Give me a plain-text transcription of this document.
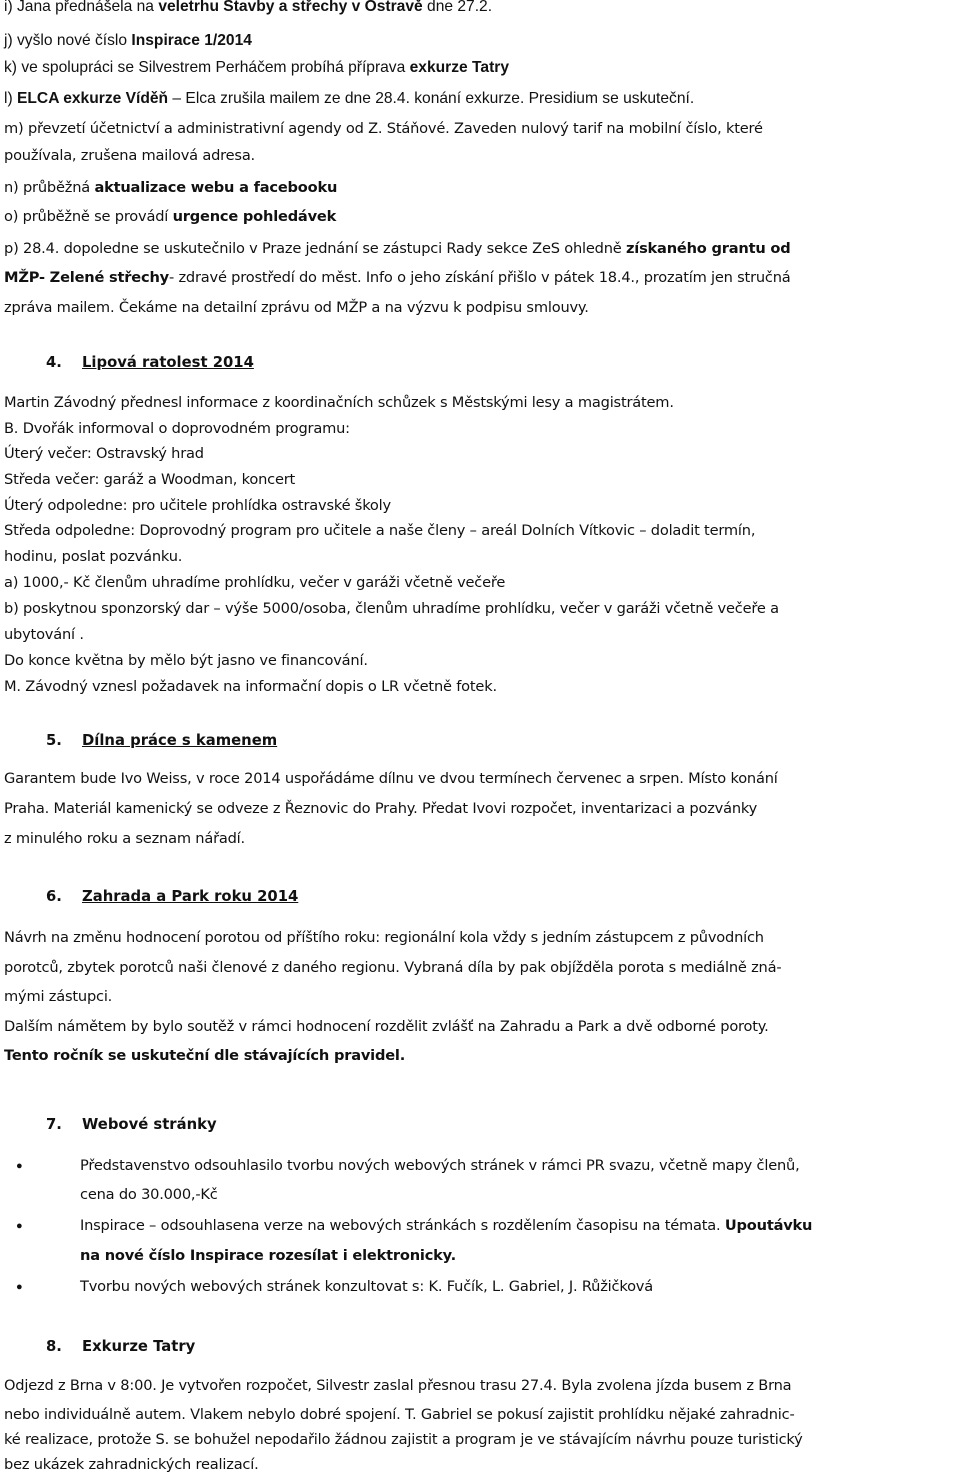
i) Jana přednášela na veletrhu Stavby a střechy v Ostravě dne 27.2.
j) vyšlo nové číslo Inspirace 1/2014
k) ve spolupráci se Silvestrem Perháčem probíhá příprava exkurze Tatry
l) ELCA exkurze Víděň – Elca zrušila mailem ze dne 28.4. konání exkurze. Presidium se uskuteční.
m) převzetí účetnictví a administrativní agendy od Z. Stáňové. Zaveden nulový tarif na mobilní číslo, které
používala, zrušena mailová adresa.
n) průběžná aktualizace webu a facebooku
o) průběžně se provádí urgence pohledávek
p) 28.4. dopoledne se uskutečnilo v Praze jednání se zástupci Rady sekce ZeS ohledně získaného grantu od
MŽP- Zelené střechy- zdravé prostředí do měst. Info o jeho získání přišlo v pátek 18.4., prozatím jen stručná
zpráva mailem. Čekáme na detailní zprávu od MŽP a na výzvu k podpisu smlouvy.
4. Lipová ratolest 2014
Martin Závodný přednesl informace z koordinačních schůzek s Městskými lesy a magistrátem.
B. Dvořák informoval o doprovodném programu:
Úterý večer: Ostravský hrad
Středa večer: garáž a Woodman, koncert
Úterý odpoledne: pro učitele prohlídka ostravské školy
Středa odpoledne: Doprovodný program pro učitele a naše členy – areál Dolních Vítkovic – doladit termín,
hodinu, poslat pozvánku.
a) 1000,- Kč členům uhradíme prohlídku, večer v garáži včetně večeře
b) poskytnou sponzorský dar – výše 5000/osoba, členům uhradíme prohlídku, večer v garáži včetně večeře a
ubytování .
Do konce května by mělo být jasno ve financování.
M. Závodný vznesl požadavek na informační dopis o LR včetně fotek.
5. Dílna práce s kamenem
Garantem bude Ivo Weiss, v roce 2014 uspořádáme dílnu ve dvou termínech červenec a srpen. Místo konání
Praha. Materiál kamenický se odveze z Řeznovic do Prahy. Předat Ivovi rozpočet, inventarizaci a pozvánky
z minulého roku a seznam nářadí.
6. Zahrada a Park roku 2014
Návrh na změnu hodnocení porotou od příštího roku: regionální kola vždy s jedním zástupcem z původních
porotců, zbytek porotců naši členové z daného regionu. Vybraná díla by pak objížděla porota s mediálně zná-
mými zástupci.
Dalším námětem by bylo soutěž v rámci hodnocení rozdělit zvlášť na Zahradu a Park a dvě odborné poroty.
Tento ročník se uskuteční dle stávajících pravidel.
7. Webové stránky
●	Představenstvo odsouhlasilo tvorbu nových webových stránek v rámci PR svazu, včetně mapy členů,
cena do 30.000,-Kč
●	Inspirace – odsouhlasena verze na webových stránkách s rozdělením časopisu na témata. Upoutávku
na nové číslo Inspirace rozesílat i elektronicky.
●	Tvorbu nových webových stránek konzultovat s: K. Fučík, L. Gabriel, J. Růžičková
8. Exkurze Tatry
Odjezd z Brna v 8:00. Je vytvořen rozpočet, Silvestr zaslal přesnou trasu 27.4. Byla zvolena jízda busem z Brna
nebo individuálně autem. Vlakem nebylo dobré spojení. T. Gabriel se pokusí zajistit prohlídku nějaké zahradnic-
ké realizace, protože S. se bohužel nepodařilo žádnou zajistit a program je ve stávajícím návrhu pouze turistický
bez ukázek zahradnických realizací.
